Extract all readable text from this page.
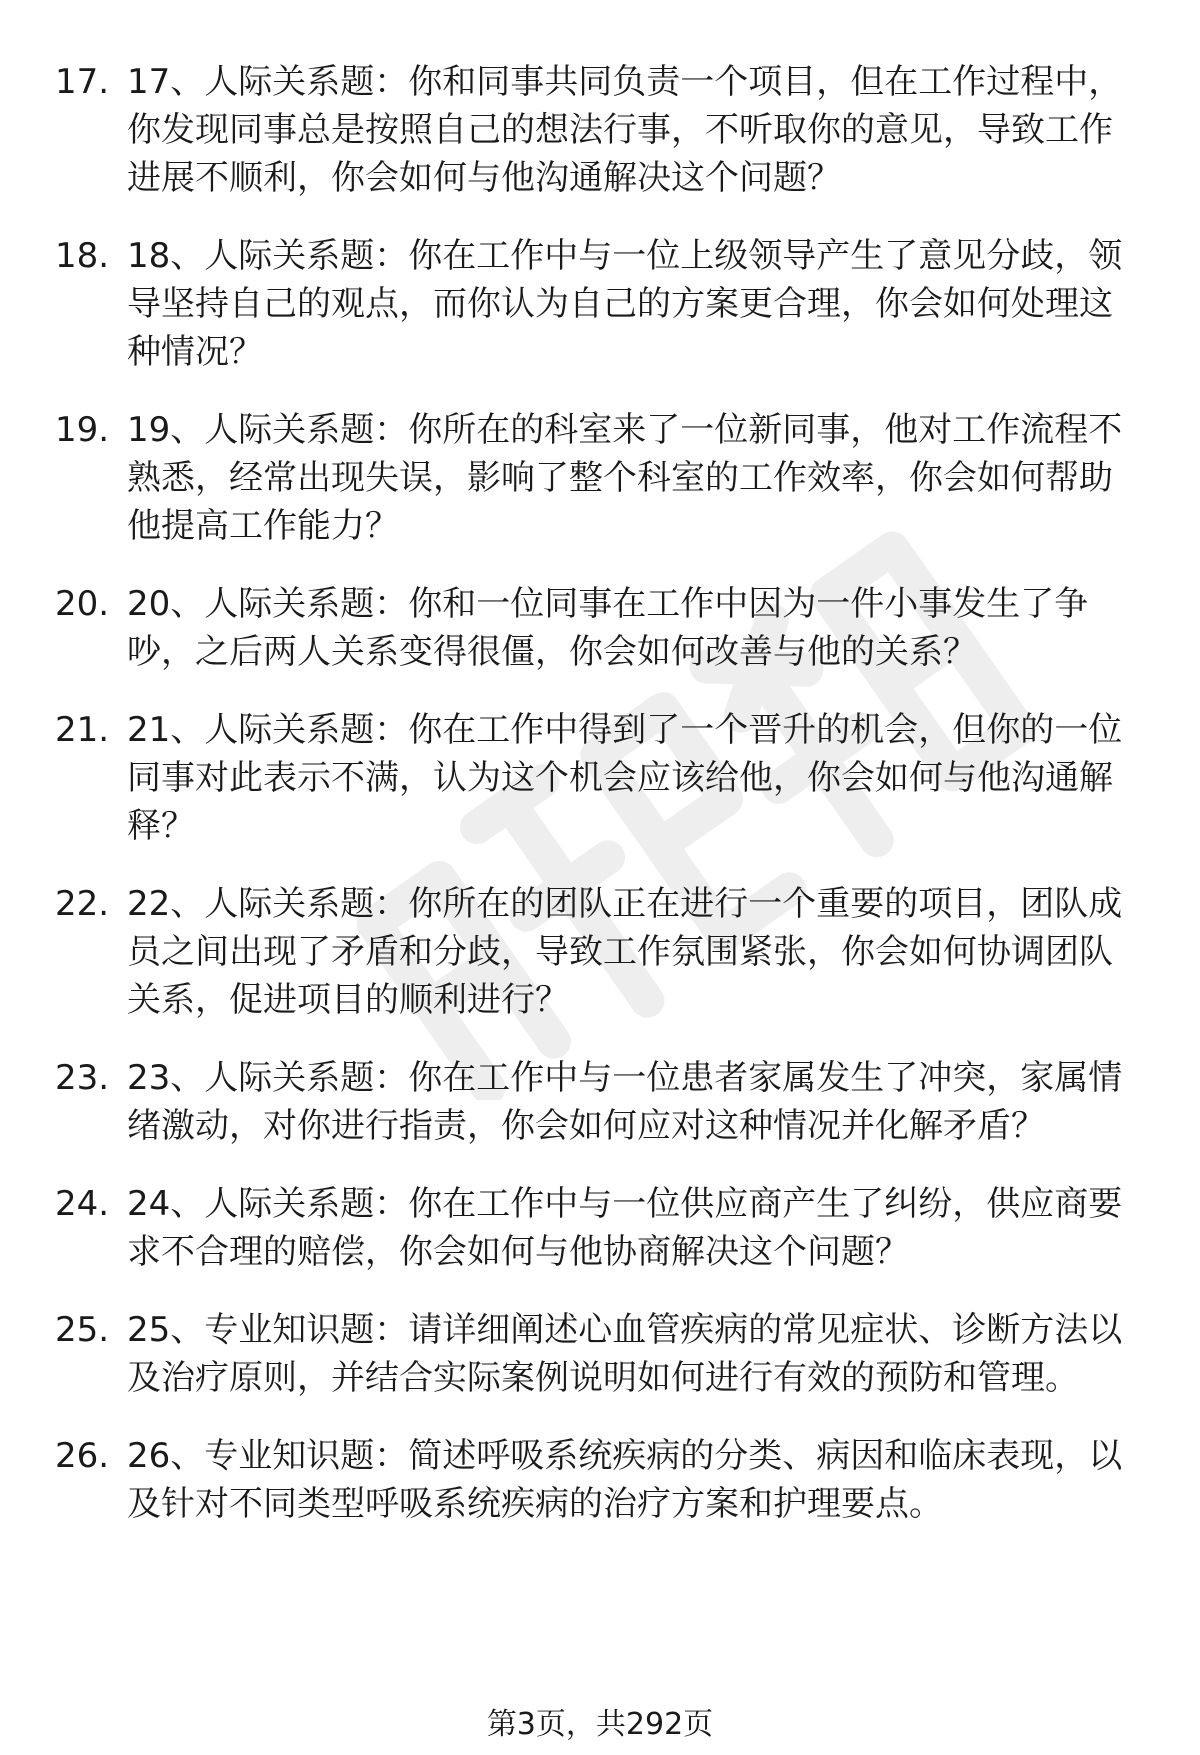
17. 17、人际关系题：你和同事共同负责一个项目，但在工作过程中，你发现同事总是按照自己的想法行事，不听取你的意见，导致工作进展不顺利，你会如何与他沟通解决这个问题？
18. 18、人际关系题：你在工作中与一位上级领导产生了意见分歧，领导坚持自己的观点，而你认为自己的方案更合理，你会如何处理这种情况？
19. 19、人际关系题：你所在的科室来了一位新同事，他对工作流程不熟悉，经常出现失误，影响了整个科室的工作效率，你会如何帮助他提高工作能力？
20. 20、人际关系题：你和一位同事在工作中因为一件小事发生了争吵，之后两人关系变得很僵，你会如何改善与他的关系？
21. 21、人际关系题：你在工作中得到了一个晋升的机会，但你的一位同事对此表示不满，认为这个机会应该给他，你会如何与他沟通解释？
22. 22、人际关系题：你所在的团队正在进行一个重要的项目，团队成员之间出现了矛盾和分歧，导致工作氛围紧张，你会如何协调团队关系，促进项目的顺利进行？
23. 23、人际关系题：你在工作中与一位患者家属发生了冲突，家属情绪激动，对你进行指责，你会如何应对这种情况并化解矛盾？
24. 24、人际关系题：你在工作中与一位供应商产生了纠纷，供应商要求不合理的赔偿，你会如何与他协商解决这个问题？
25. 25、专业知识题：请详细阐述心血管疾病的常见症状、诊断方法以及治疗原则，并结合实际案例说明如何进行有效的预防和管理。
26. 26、专业知识题：简述呼吸系统疾病的分类、病因和临床表现，以及针对不同类型呼吸系统疾病的治疗方案和护理要点。
第3页，共292页
